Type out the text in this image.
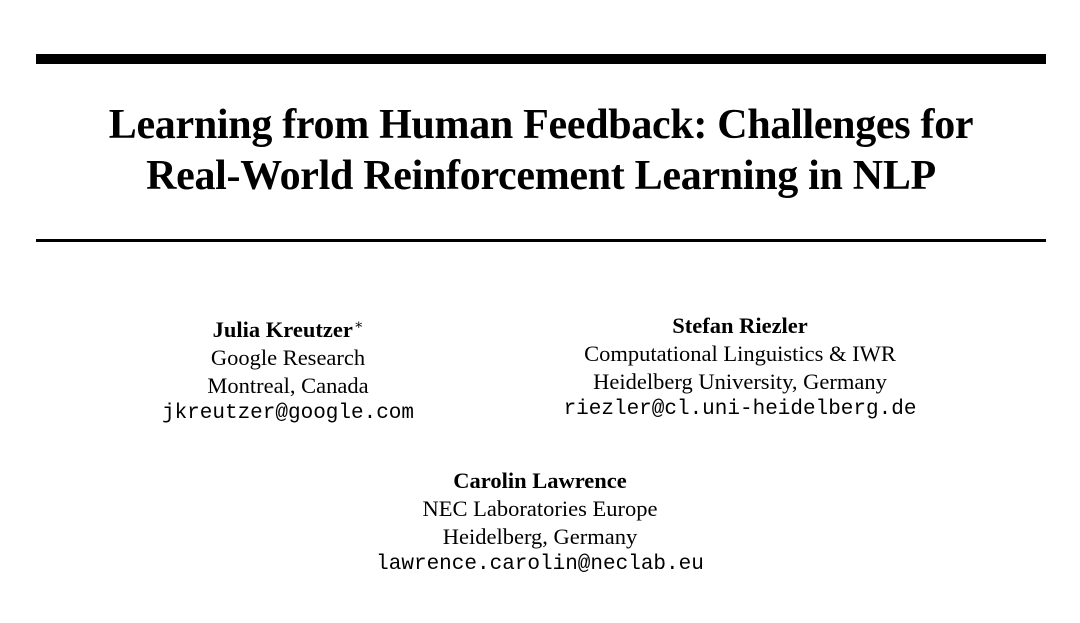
Learning from Human Feedback: Challenges for
Real-World Reinforcement Learning in NLP
Julia Kreutzer∗
Google Research
Montreal, Canada
jkreutzer@google.com
Stefan Riezler
Computational Linguistics & IWR
Heidelberg University, Germany
riezler@cl.uni-heidelberg.de
Carolin Lawrence
NEC Laboratories Europe
Heidelberg, Germany
lawrence.carolin@neclab.eu
